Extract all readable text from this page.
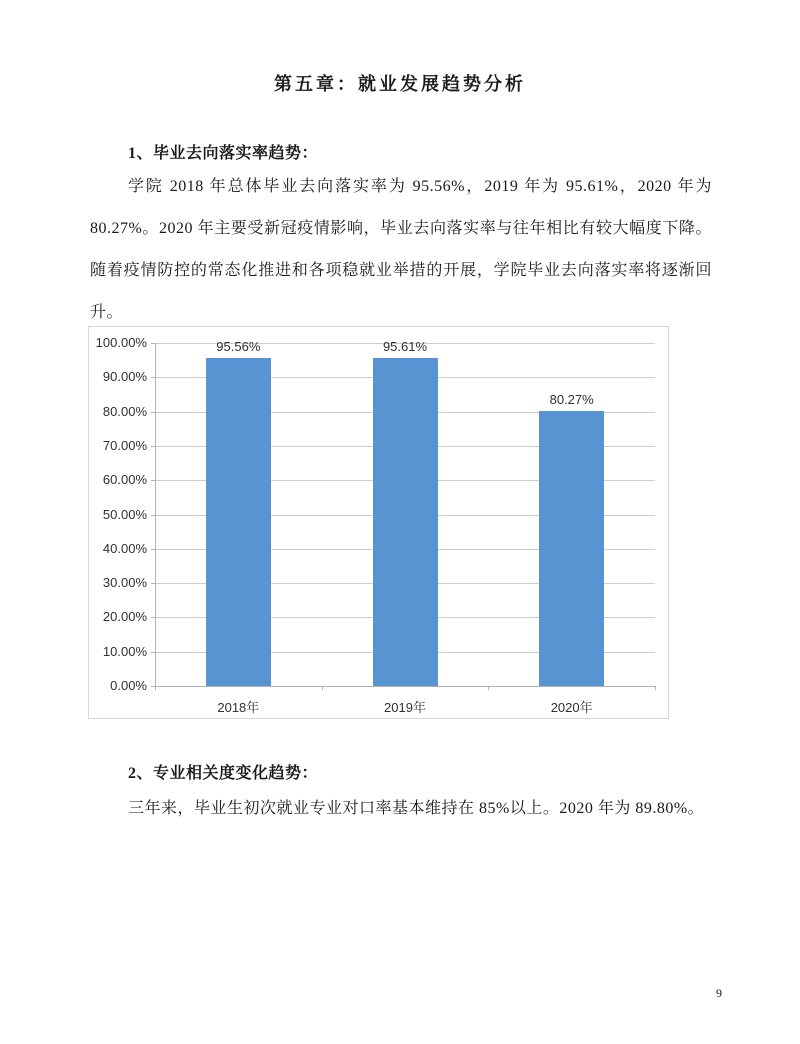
第五章：就业发展趋势分析
1、毕业去向落实率趋势：
学院 2018 年总体毕业去向落实率为 95.56%，2019 年为 95.61%，2020 年为 80.27%。2020 年主要受新冠疫情影响，毕业去向落实率与往年相比有较大幅度下降。随着疫情防控的常态化推进和各项稳就业举措的开展，学院毕业去向落实率将逐渐回升。
0.00%
10.00%
20.00%
30.00%
40.00%
50.00%
60.00%
70.00%
80.00%
90.00%
100.00%	95.56%
2018年
95.61%
2019年
80.27%
2020年
2、专业相关度变化趋势：
三年来，毕业生初次就业专业对口率基本维持在 85%以上。2020 年为 89.80%。
9
